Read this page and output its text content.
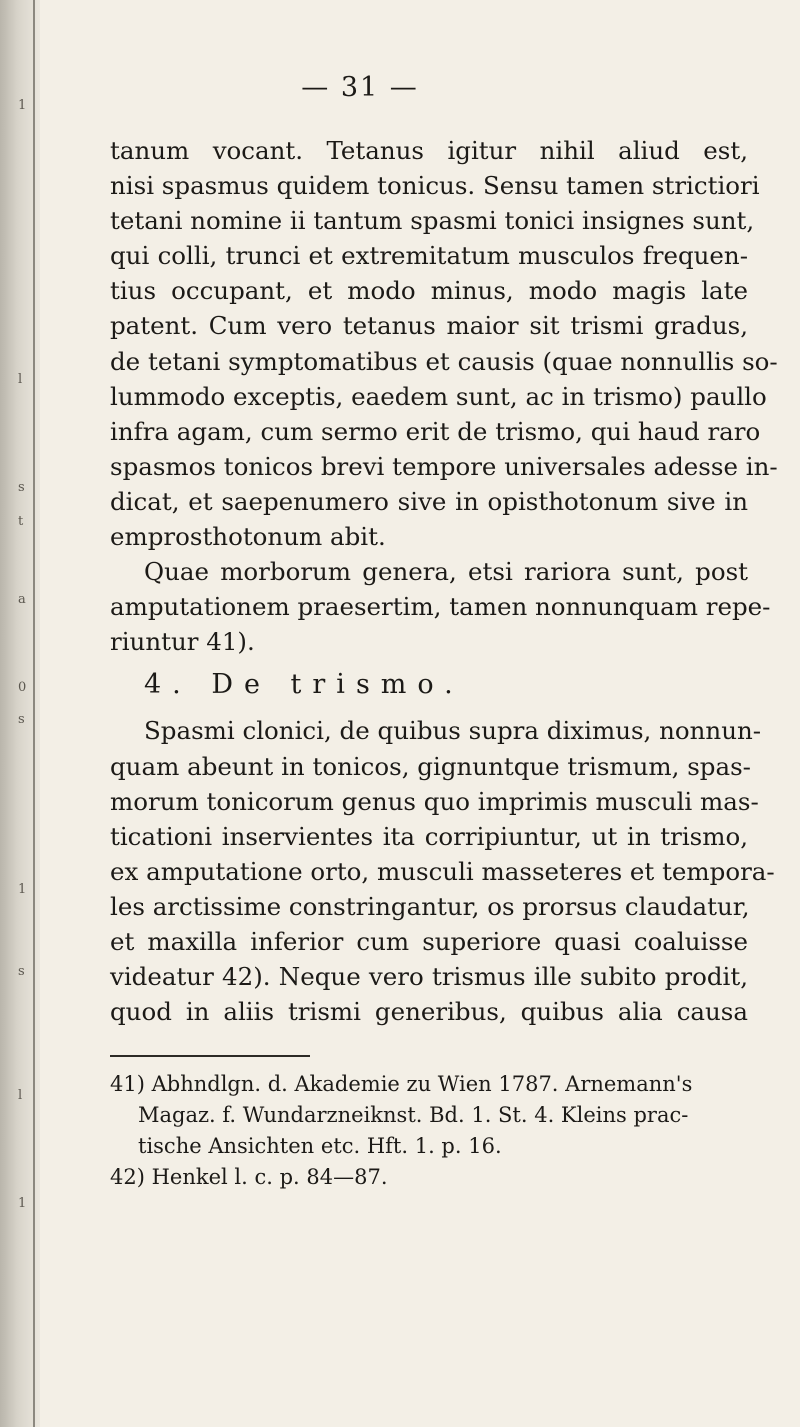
1
l
s
t
a
0
s
1
s
l
1
— 31 —
tanum vocant. Tetanus igitur nihil aliud est,
nisi spasmus quidem tonicus. Sensu tamen strictiori
tetani nomine ii tantum spasmi tonici insignes sunt,
qui colli, trunci et extremitatum musculos frequen-
tius occupant, et modo minus, modo magis late
patent. Cum vero tetanus maior sit trismi gradus,
de tetani symptomatibus et causis (quae nonnullis so-
lummodo exceptis, eaedem sunt, ac in trismo) paullo
infra agam, cum sermo erit de trismo, qui haud raro
spasmos tonicos brevi tempore universales adesse in-
dicat, et saepenumero sive in opisthotonum sive in
emprosthotonum abit.
Quae morborum genera, etsi rariora sunt, post
amputationem praesertim, tamen nonnunquam repe-
riuntur 41).
4. De trismo.
Spasmi clonici, de quibus supra diximus, nonnun-
quam abeunt in tonicos, gignuntque trismum, spas-
morum tonicorum genus quo imprimis musculi mas-
ticationi inservientes ita corripiuntur, ut in trismo,
ex amputatione orto, musculi masseteres et tempora-
les arctissime constringantur, os prorsus claudatur,
et maxilla inferior cum superiore quasi coaluisse
videatur 42). Neque vero trismus ille subito prodit,
quod in aliis trismi generibus, quibus alia causa
41) Abhndlgn. d. Akademie zu Wien 1787. Arnemann's
Magaz. f. Wundarzneiknst. Bd. 1. St. 4. Kleins prac-
tische Ansichten etc. Hft. 1. p. 16.
42) Henkel l. c. p. 84—87.
